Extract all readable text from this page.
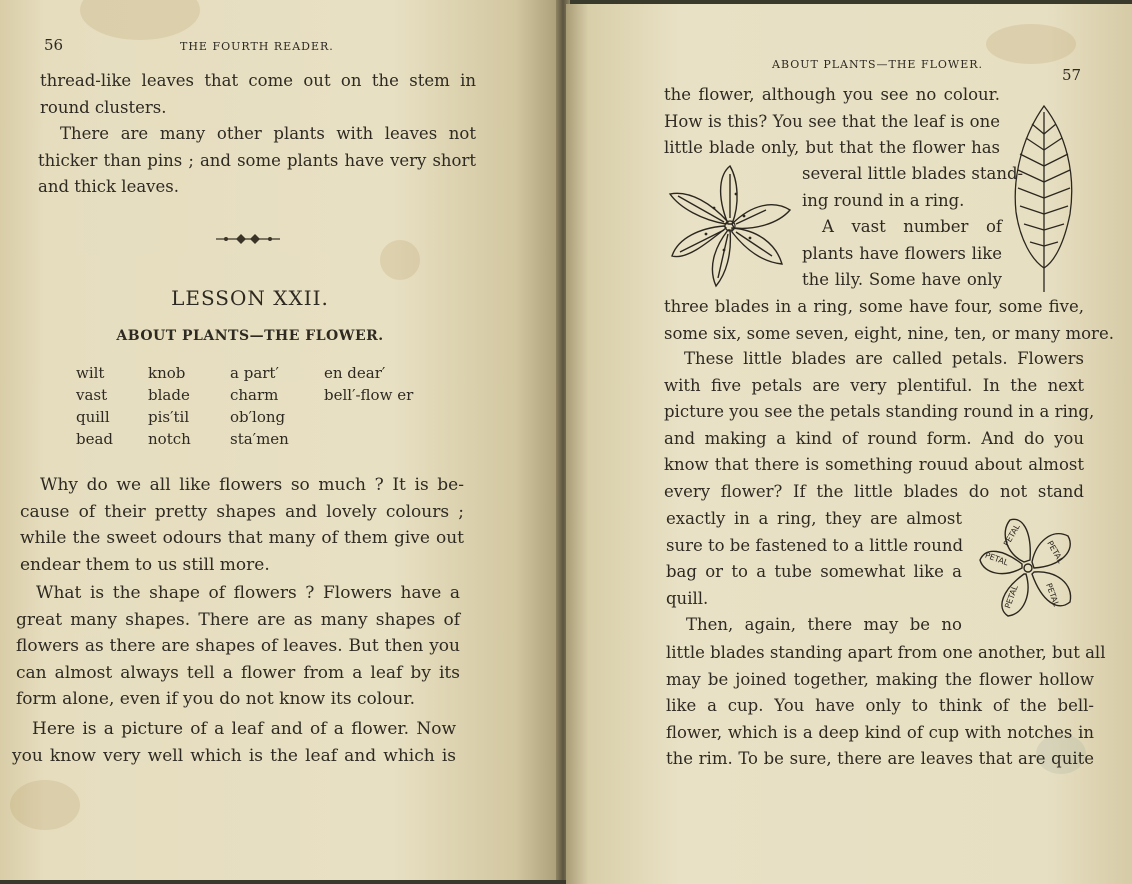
56	THE FOURTH READER.
thread-like leaves that come out on the stem in
round clusters.
There are many other plants with leaves not
thicker than pins ; and some plants have very short
and thick leaves.
LESSON XXII.
ABOUT PLANTS—THE FLOWER.
wilt
vast
quill
bead
knob
blade
pis′til
notch
a part′
charm
ob′long
sta′men
en dear′
bell′-flow er
Why do we all like flowers so much ? It is be-
cause of their pretty shapes and lovely colours ;
while the sweet odours that many of them give out
endear them to us still more.
What is the shape of flowers ? Flowers have a
great many shapes. There are as many shapes of
flowers as there are shapes of leaves. But then you
can almost always tell a flower from a leaf by its
form alone, even if you do not know its colour.
Here is a picture of a leaf and of a flower. Now
you know very well which is the leaf and which is
ABOUT PLANTS—THE FLOWER.
57
the flower, although you see no colour.
How is this? You see that the leaf is one
little blade only, but that the flower has
several little blades stand-
ing round in a ring.
A vast number of
plants have flowers like
the lily. Some have only
three blades in a ring, some have four, some five,
some six, some seven, eight, nine, ten, or many more.
These little blades are called petals. Flowers
with five petals are very plentiful. In the next
picture you see the petals standing round in a ring,
and making a kind of round form. And do you
know that there is something rouud about almost
every flower? If the little blades do not stand
exactly in a ring, they are almost
sure to be fastened to a little round
bag or to a tube somewhat like a
quill.
Then, again, there may be no
PETAL
PETAL
PETAL
PETAL
PETAL
little blades standing apart from one another, but all
may be joined together, making the flower hollow
like a cup. You have only to think of the bell-
flower, which is a deep kind of cup with notches in
the rim. To be sure, there are leaves that are quite
